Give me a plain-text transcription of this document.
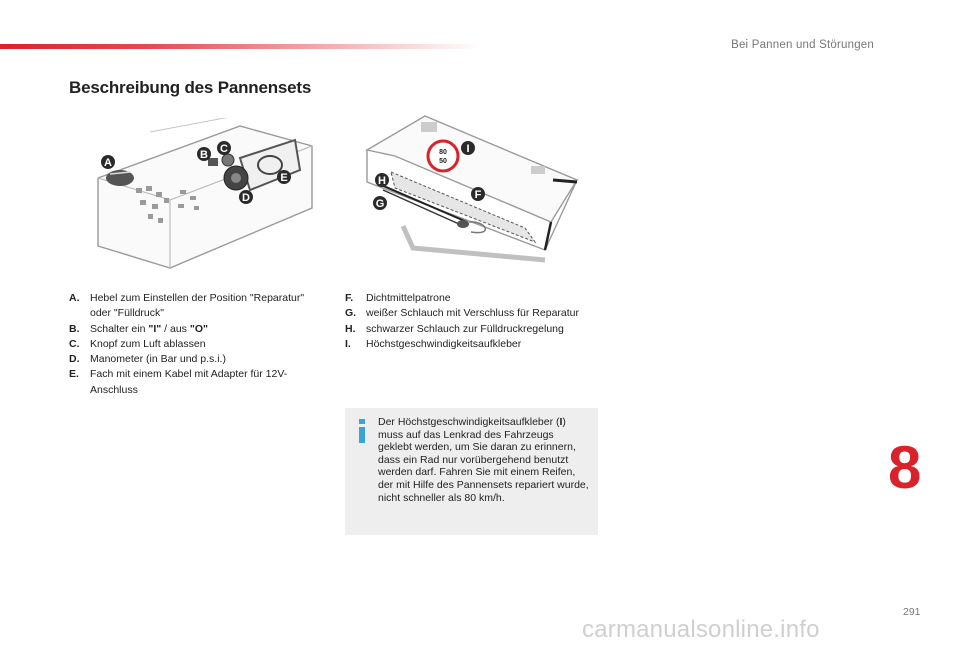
Bei Pannen und Störungen
Beschreibung des Pannensets
A
B C
D
E
80
50
I
H
F
G
A.	Hebel zum Einstellen der Position "Reparatur" oder "Fülldruck"
B.	Schalter ein "I" / aus "O"
C.	Knopf zum Luft ablassen
D.	Manometer (in Bar und p.s.i.)
E.	Fach mit einem Kabel mit Adapter für 12V-Anschluss
F.	Dichtmittelpatrone
G. weißer Schlauch mit Verschluss für Reparatur
H.	schwarzer Schlauch zur Fülldruckregelung
I.	Höchstgeschwindigkeitsaufkleber
Der Höchstgeschwindigkeitsaufkleber (I) muss auf das Lenkrad des Fahrzeugs geklebt werden, um Sie daran zu erinnern, dass ein Rad nur vorübergehend benutzt werden darf. Fahren Sie mit einem Reifen, der mit Hilfe des Pannensets repariert wurde, nicht schneller als 80 km/h.	8
291
carmanualsonline.info
